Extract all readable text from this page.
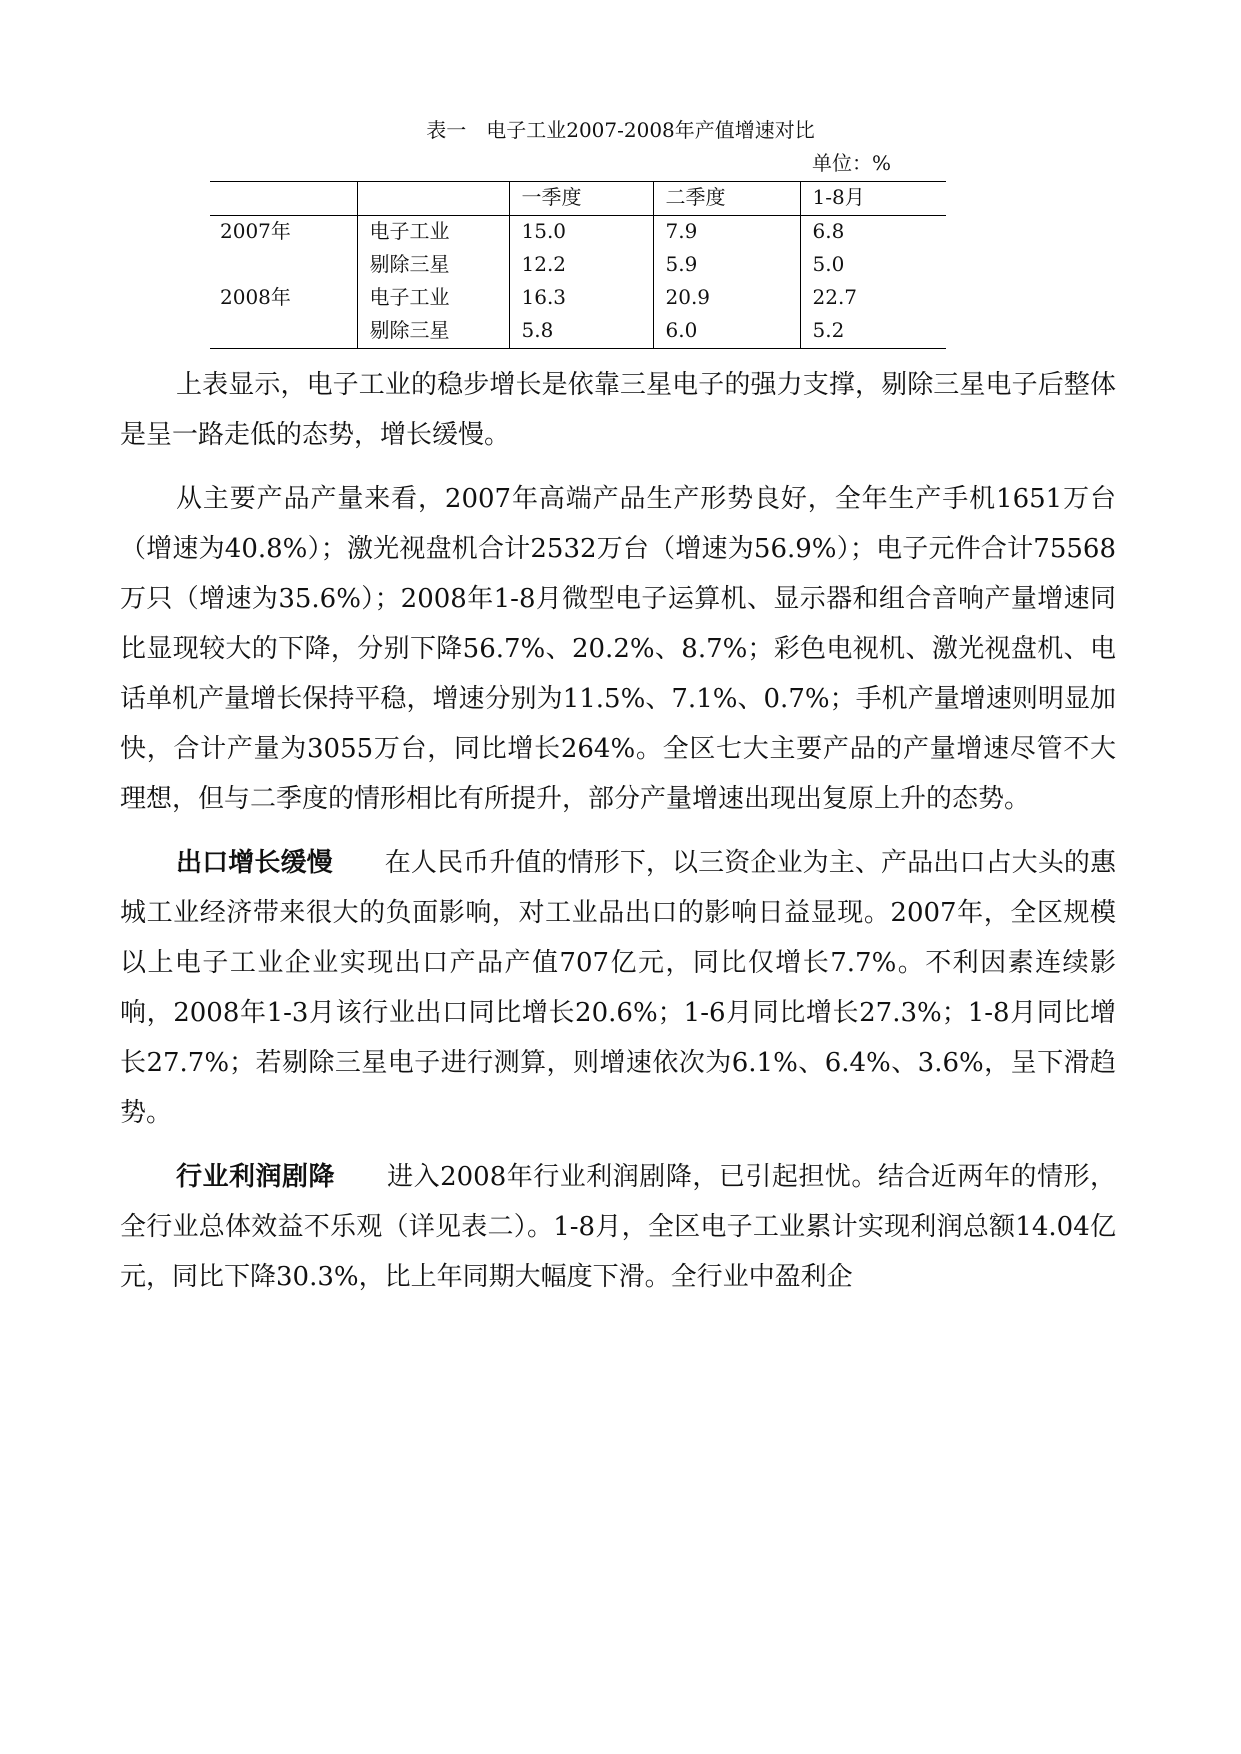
表一　电子工业2007-2008年产值增速对比
单位：%
		一季度	二季度	1-8月
2007年	电子工业	15.0	7.9	6.8
	剔除三星	12.2	5.9	5.0
2008年	电子工业	16.3	20.9	22.7
	剔除三星	5.8	6.0	5.2

上表显示，电子工业的稳步增长是依靠三星电子的强力支撑，剔除三星电子后整体是呈一路走低的态势，增长缓慢。

从主要产品产量来看，2007年高端产品生产形势良好，全年生产手机1651万台（增速为40.8%）；激光视盘机合计2532万台（增速为56.9%）；电子元件合计75568万只（增速为35.6%）；2008年1-8月微型电子运算机、显示器和组合音响产量增速同比显现较大的下降，分别下降56.7%、20.2%、8.7%；彩色电视机、激光视盘机、电话单机产量增长保持平稳，增速分别为11.5%、7.1%、0.7%；手机产量增速则明显加快，合计产量为3055万台，同比增长264%。全区七大主要产品的产量增速尽管不大理想，但与二季度的情形相比有所提升，部分产量增速出现出复原上升的态势。

出口增长缓慢 在人民币升值的情形下，以三资企业为主、产品出口占大头的惠城工业经济带来很大的负面影响，对工业品出口的影响日益显现。2007年，全区规模以上电子工业企业实现出口产品产值707亿元，同比仅增长7.7%。不利因素连续影响，2008年1-3月该行业出口同比增长20.6%；1-6月同比增长27.3%；1-8月同比增长27.7%；若剔除三星电子进行测算，则增速依次为6.1%、6.4%、3.6%，呈下滑趋势。

行业利润剧降 进入2008年行业利润剧降，已引起担忧。结合近两年的情形，全行业总体效益不乐观（详见表二）。1-8月，全区电子工业累计实现利润总额14.04亿元，同比下降30.3%，比上年同期大幅度下滑。全行业中盈利企
